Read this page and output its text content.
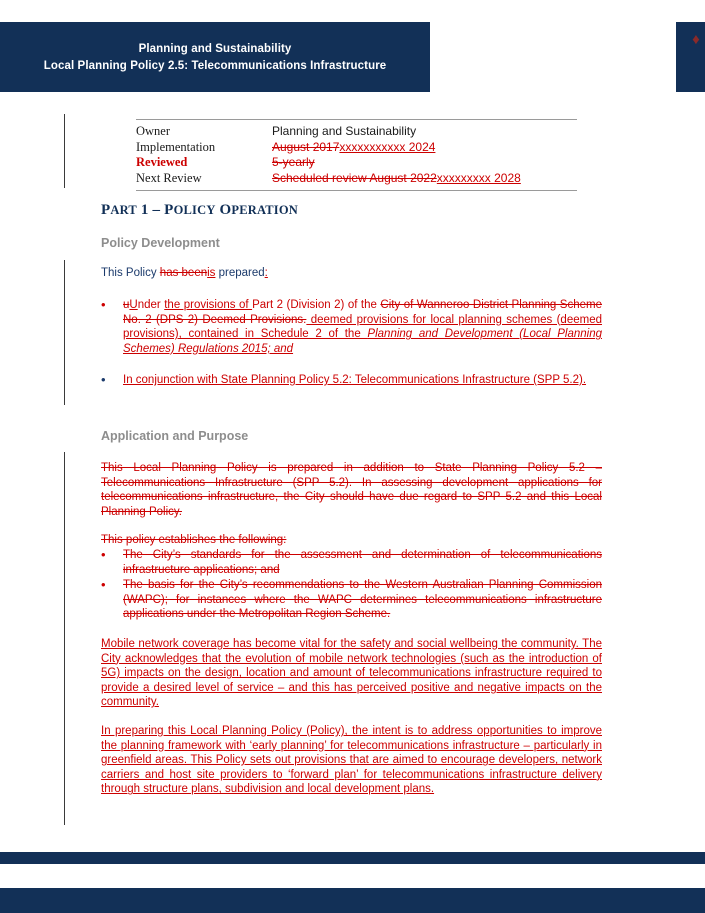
Planning and Sustainability
Local Planning Policy 2.5: Telecommunications Infrastructure
♦
Owner	Planning and Sustainability
Implementation	August 2017xxxxxxxxxxx 2024
Reviewed	5-yearly
Next Review	Scheduled review August 2022xxxxxxxxx 2028
PART 1 – POLICY OPERATION
Policy Development
This Policy has beenis prepared:
• uUnder the provisions of Part 2 (Division 2) of the City of Wanneroo District Planning Scheme No. 2 (DPS 2) Deemed Provisions. deemed provisions for local planning schemes (deemed provisions), contained in Schedule 2 of the Planning and Development (Local Planning Schemes) Regulations 2015; and
• In conjunction with State Planning Policy 5.2: Telecommunications Infrastructure (SPP 5.2).
Application and Purpose
This Local Planning Policy is prepared in addition to State Planning Policy 5.2 – Telecommunications Infrastructure (SPP 5.2). In assessing development applications for telecommunications infrastructure, the City should have due regard to SPP 5.2 and this Local Planning Policy.
This policy establishes the following:
• The City’s standards for the assessment and determination of telecommunications infrastructure applications; and
• The basis for the City’s recommendations to the Western Australian Planning Commission (WAPC); for instances where the WAPC determines telecommunications infrastructure applications under the Metropolitan Region Scheme.
Mobile network coverage has become vital for the safety and social wellbeing the community. The City acknowledges that the evolution of mobile network technologies (such as the introduction of 5G) impacts on the design, location and amount of telecommunications infrastructure required to provide a desired level of service – and this has perceived positive and negative impacts on the community.
In preparing this Local Planning Policy (Policy), the intent is to address opportunities to improve the planning framework with ‘early planning’ for telecommunications infrastructure – particularly in greenfield areas. This Policy sets out provisions that are aimed to encourage developers, network carriers and host site providers to ‘forward plan’ for telecommunications infrastructure delivery through structure plans, subdivision and local development plans.
